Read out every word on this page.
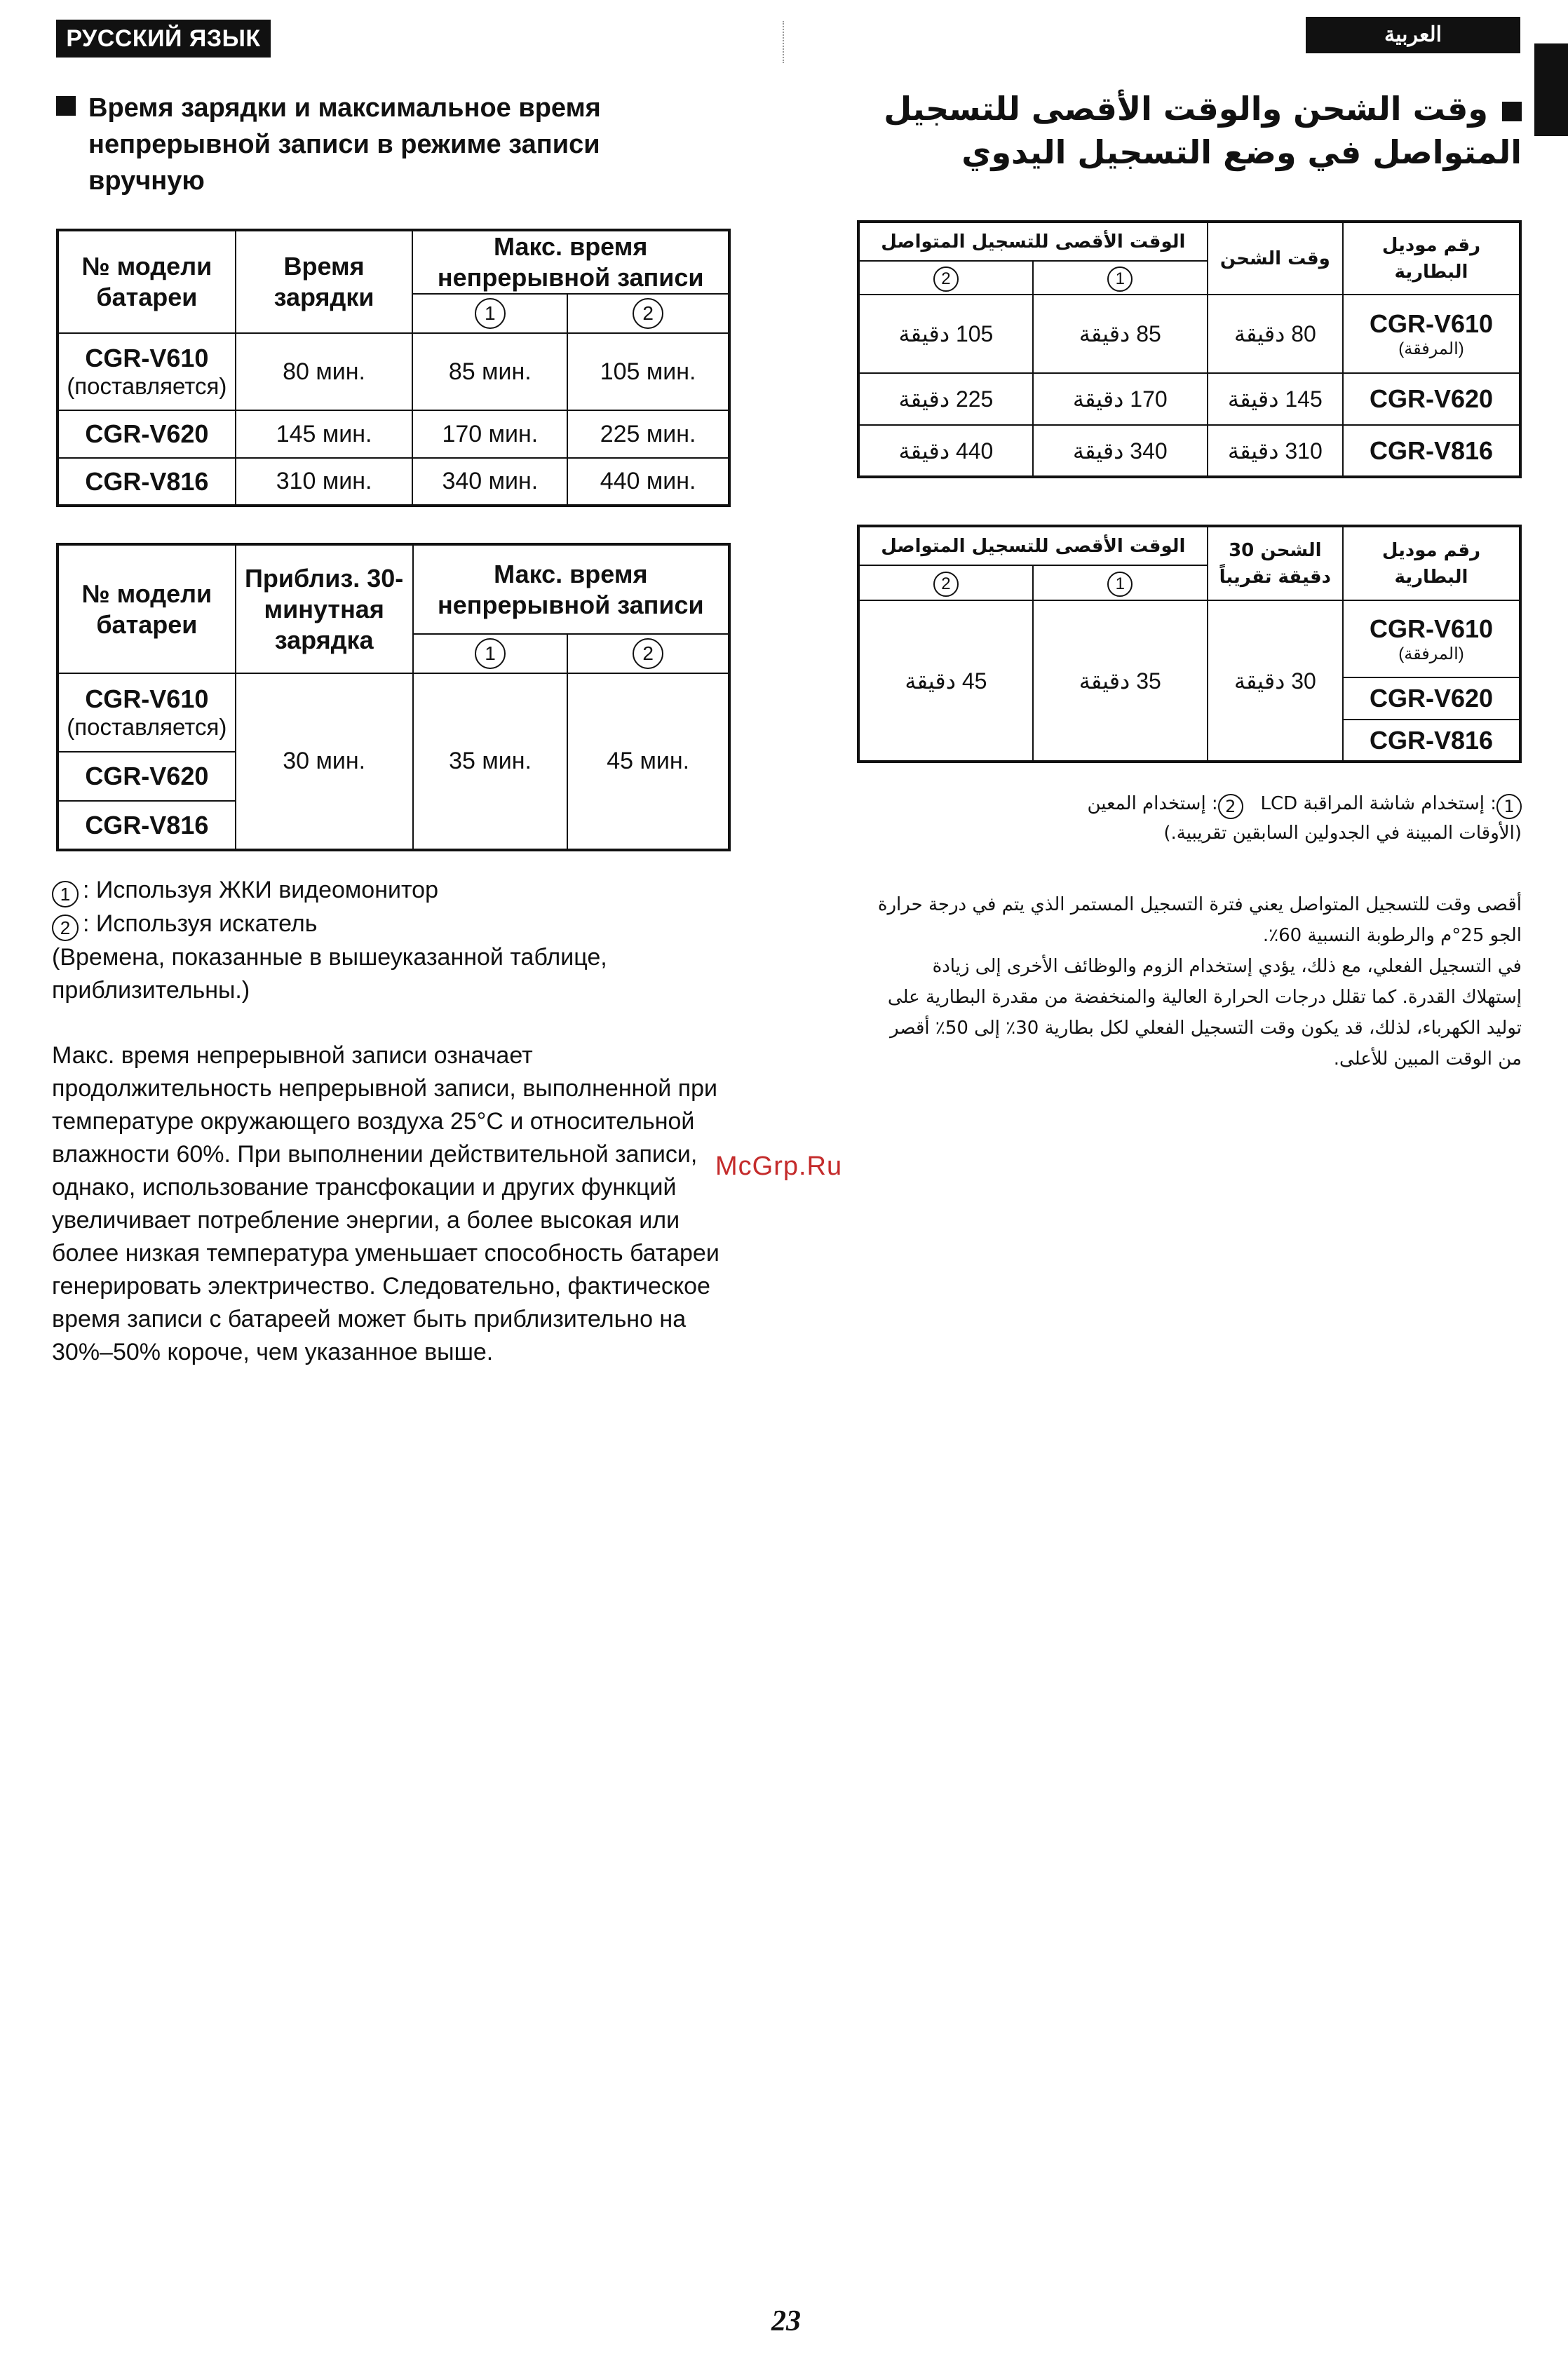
РУССКИЙ ЯЗЫК	العربية
Время зарядки и максимальное время непрерывной записи в режиме записи вручную
وقت الشحن والوقت الأقصى للتسجيل المتواصل في وضع التسجيل اليدوي
№ модели батареи	Время зарядки	Макс. время непрерывной записи	
		1	2

CGR-V610
(поставляется)	80 мин.	85 мин.	105 мин.
CGR-V620	145 мин.	170 мин.	225 мин.
CGR-V816	310 мин.	340 мин.	440 мин.
№ модели батареи	Приблиз. 30-минутная зарядка	Макс. время непрерывной записи	
		1	2

CGR-V610
(поставляется)	30 мин.	35 мин.	45 мин.
CGR-V620			
CGR-V816			
1 : Используя ЖКИ видеомонитор
2 : Используя искатель
(Времена, показанные в вышеуказанной таблице, приблизительны.)
Макс. время непрерывной записи означает продолжительность непрерывной записи, выполненной при температуре окружающего воздуха 25°C и относительной влажности 60%. При выполнении действительной записи, однако, использование трансфокации и других функций увеличивает потребление энергии, а более высокая или более низкая температура уменьшает способность батареи генерировать электричество. Следовательно, фактическое время записи с батареей может быть приблизительно на 30%–50% короче, чем указанное выше.
رقم موديل البطارية	وقت الشحن	الوقت الأقصى للتسجيل المتواصل	
		1	2

CGR-V610
(المرفقة)	80 دقيقة	85 دقيقة	105 دقيقة
CGR-V620	145 دقيقة	170 دقيقة	225 دقيقة
CGR-V816	310 دقيقة	340 دقيقة	440 دقيقة
رقم موديل البطارية	الشحن 30 دقيقة تقريباً	الوقت الأقصى للتسجيل المتواصل	
		1	2

CGR-V610
(المرفقة)	30 دقيقة	35 دقيقة	45 دقيقة
CGR-V620			
CGR-V816			
1: إستخدام شاشة المراقبة LCD   2: إستخدام المعين
(الأوقات المبينة في الجدولين السابقين تقريبية.)
أقصى وقت للتسجيل المتواصل يعني فترة التسجيل المستمر الذي يتم في درجة حرارة الجو 25°م والرطوبة النسبية 60٪.
في التسجيل الفعلي، مع ذلك، يؤدي إستخدام الزوم والوظائف الأخرى إلى زيادة إستهلاك القدرة. كما تقلل درجات الحرارة العالية والمنخفضة من مقدرة البطارية على توليد الكهرباء، لذلك، قد يكون وقت التسجيل الفعلي لكل بطارية 30٪ إلى 50٪ أقصر من الوقت المبين للأعلى.
McGrp.Ru
23
